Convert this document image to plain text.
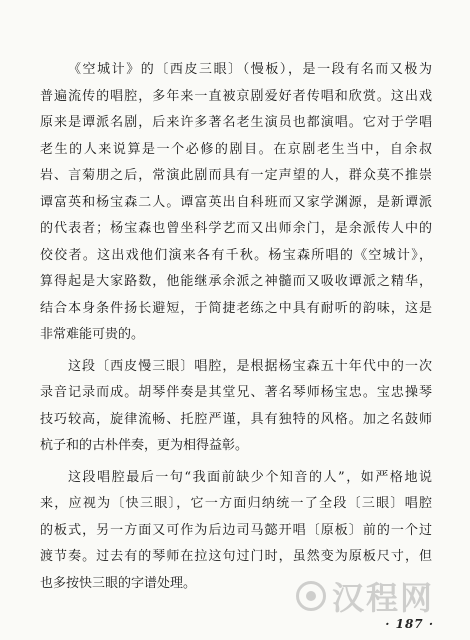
《空城计》的〔西皮三眼〕（慢板），是一段有名而又极为
普遍流传的唱腔，多年来一直被京剧爱好者传唱和欣赏。这出戏
原来是谭派名剧，后来许多著名老生演员也都演唱。它对于学唱
老生的人来说算是一个必修的剧目。在京剧老生当中，自余叔
岩、言菊朋之后，常演此剧而具有一定声望的人，群众莫不推崇
谭富英和杨宝森二人。谭富英出自科班而又家学渊源，是新谭派
的代表者；杨宝森也曾坐科学艺而又出师余门，是余派传人中的
佼佼者。这出戏他们演来各有千秋。杨宝森所唱的《空城计》，
算得起是大家路数，他能继承余派之神髓而又吸收谭派之精华，
结合本身条件扬长避短，于简捷老练之中具有耐听的韵味，这是
非常难能可贵的。
这段〔西皮慢三眼〕唱腔，是根据杨宝森五十年代中的一次
录音记录而成。胡琴伴奏是其堂兄、著名琴师杨宝忠。宝忠操琴
技巧较高，旋律流畅、托腔严谨，具有独特的风格。加之名鼓师
杭子和的古朴伴奏，更为相得益彰。
这段唱腔最后一句“我面前缺少个知音的人”，如严格地说
来，应视为〔快三眼〕，它一方面归纳统一了全段〔三眼〕唱腔
的板式，另一方面又可作为后边司马懿开唱〔原板〕前的一个过
渡节奏。过去有的琴师在拉这句过门时，虽然变为原板尺寸，但
也多按快三眼的字谱处理。	汉程网
· 187 ·
